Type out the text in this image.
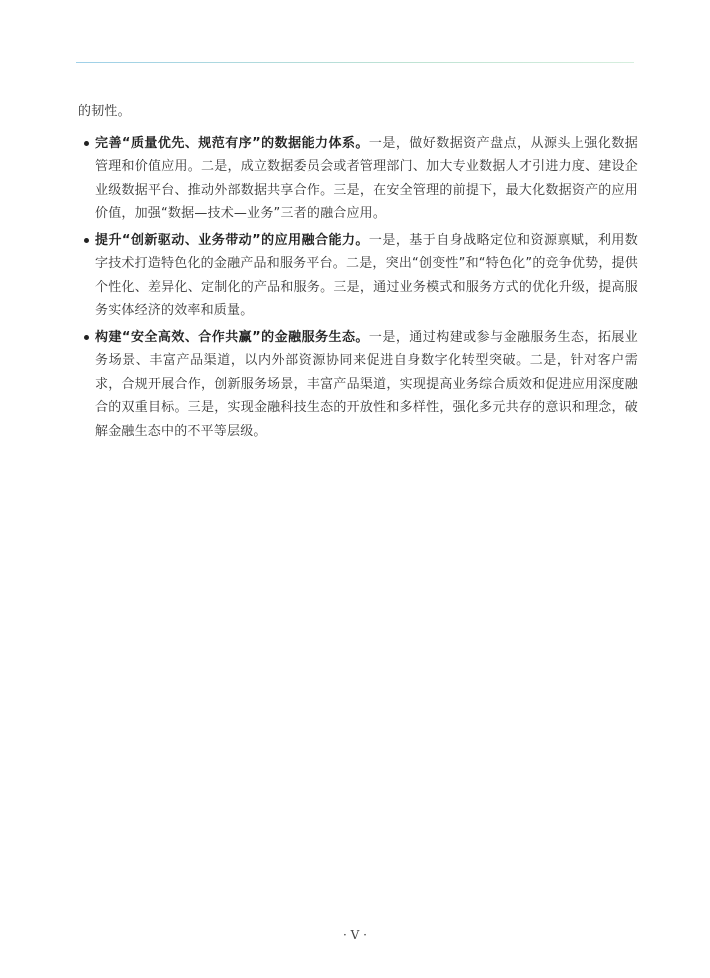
的韧性。

完善“质量优先、规范有序”的数据能力体系。一是，做好数据资产盘点，从源头上强化数据管理和价值应用。二是，成立数据委员会或者管理部门、加大专业数据人才引进力度、建设企业级数据平台、推动外部数据共享合作。三是，在安全管理的前提下，最大化数据资产的应用价值，加强“数据—技术—业务”三者的融合应用。
提升“创新驱动、业务带动”的应用融合能力。一是，基于自身战略定位和资源禀赋，利用数字技术打造特色化的金融产品和服务平台。二是，突出“创变性”和“特色化”的竞争优势，提供个性化、差异化、定制化的产品和服务。三是，通过业务模式和服务方式的优化升级，提高服务实体经济的效率和质量。
构建“安全高效、合作共赢”的金融服务生态。一是，通过构建或参与金融服务生态，拓展业务场景、丰富产品渠道，以内外部资源协同来促进自身数字化转型突破。二是，针对客户需求，合规开展合作，创新服务场景，丰富产品渠道，实现提高业务综合质效和促进应用深度融合的双重目标。三是，实现金融科技生态的开放性和多样性，强化多元共存的意识和理念，破解金融生态中的不平等层级。
· V ·
